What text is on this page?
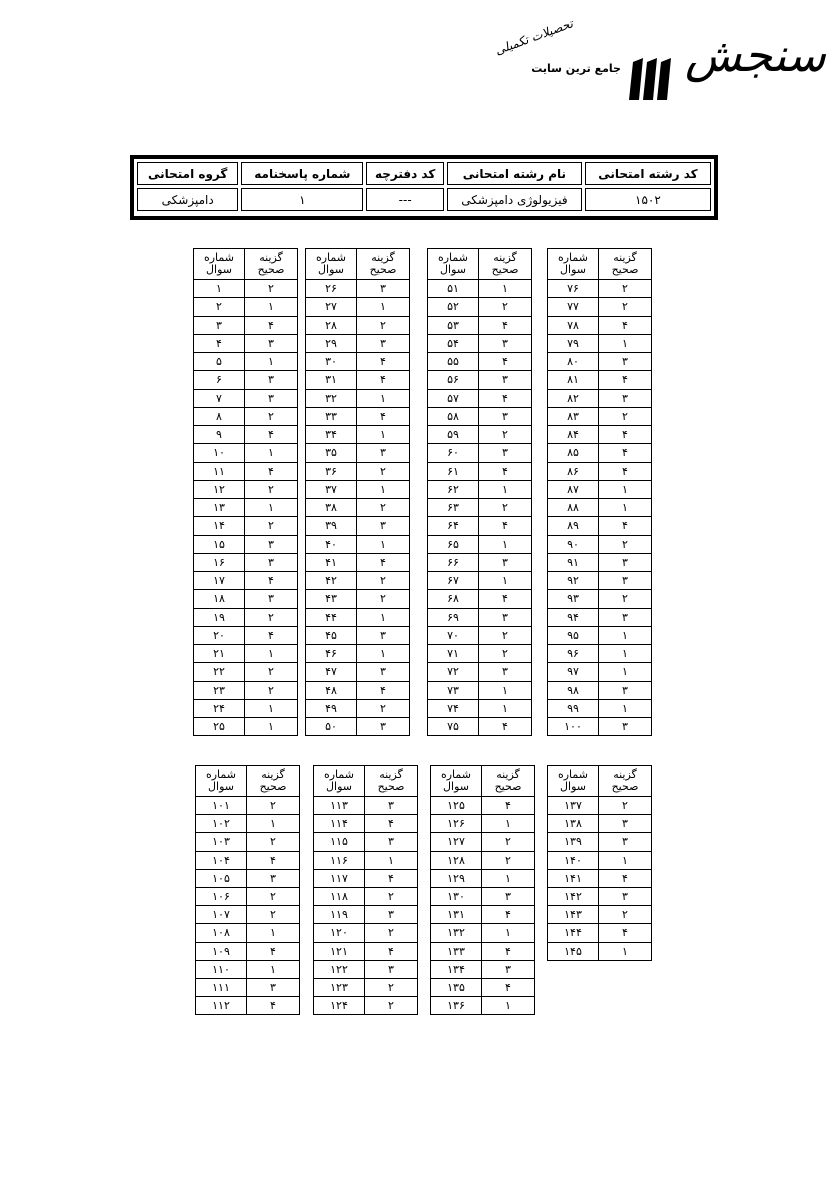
تحصیلات تکمیلی
جامع ترین سایت سنجش
کد رشته امتحانی	نام رشته امتحانی	کد دفترچه	شماره پاسخنامه	گروه امتحانی
۱۵۰۲	فیزیولوژی دامپزشکی	---	۱	دامپزشکی
شماره سوال	گزینه صحیح
۱	۲
۲	۱
۳	۴
۴	۳
۵	۱
۶	۳
۷	۳
۸	۲
۹	۴
۱۰	۱
۱۱	۴
۱۲	۲
۱۳	۱
۱۴	۲
۱۵	۳
۱۶	۳
۱۷	۴
۱۸	۳
۱۹	۲
۲۰	۴
۲۱	۱
۲۲	۲
۲۳	۲
۲۴	۱
۲۵	۱
شماره سوال	گزینه صحیح
۲۶	۳
۲۷	۱
۲۸	۲
۲۹	۳
۳۰	۴
۳۱	۴
۳۲	۱
۳۳	۴
۳۴	۱
۳۵	۳
۳۶	۲
۳۷	۱
۳۸	۲
۳۹	۳
۴۰	۱
۴۱	۴
۴۲	۲
۴۳	۲
۴۴	۱
۴۵	۳
۴۶	۱
۴۷	۳
۴۸	۴
۴۹	۲
۵۰	۳
شماره سوال	گزینه صحیح
۵۱	۱
۵۲	۲
۵۳	۴
۵۴	۳
۵۵	۴
۵۶	۳
۵۷	۴
۵۸	۳
۵۹	۲
۶۰	۳
۶۱	۴
۶۲	۱
۶۳	۲
۶۴	۴
۶۵	۱
۶۶	۳
۶۷	۱
۶۸	۴
۶۹	۳
۷۰	۲
۷۱	۲
۷۲	۳
۷۳	۱
۷۴	۱
۷۵	۴
شماره سوال	گزینه صحیح
۷۶	۲
۷۷	۲
۷۸	۴
۷۹	۱
۸۰	۳
۸۱	۴
۸۲	۳
۸۳	۲
۸۴	۴
۸۵	۴
۸۶	۴
۸۷	۱
۸۸	۱
۸۹	۴
۹۰	۲
۹۱	۳
۹۲	۳
۹۳	۲
۹۴	۳
۹۵	۱
۹۶	۱
۹۷	۱
۹۸	۳
۹۹	۱
۱۰۰	۳
شماره سوال	گزینه صحیح
۱۰۱	۲
۱۰۲	۱
۱۰۳	۲
۱۰۴	۴
۱۰۵	۳
۱۰۶	۲
۱۰۷	۲
۱۰۸	۱
۱۰۹	۴
۱۱۰	۱
۱۱۱	۳
۱۱۲	۴
شماره سوال	گزینه صحیح
۱۱۳	۳
۱۱۴	۴
۱۱۵	۳
۱۱۶	۱
۱۱۷	۴
۱۱۸	۲
۱۱۹	۳
۱۲۰	۲
۱۲۱	۴
۱۲۲	۳
۱۲۳	۲
۱۲۴	۲
شماره سوال	گزینه صحیح
۱۲۵	۴
۱۲۶	۱
۱۲۷	۲
۱۲۸	۲
۱۲۹	۱
۱۳۰	۳
۱۳۱	۴
۱۳۲	۱
۱۳۳	۴
۱۳۴	۳
۱۳۵	۴
۱۳۶	۱
شماره سوال	گزینه صحیح
۱۳۷	۲
۱۳۸	۳
۱۳۹	۳
۱۴۰	۱
۱۴۱	۴
۱۴۲	۳
۱۴۳	۲
۱۴۴	۴
۱۴۵	۱
